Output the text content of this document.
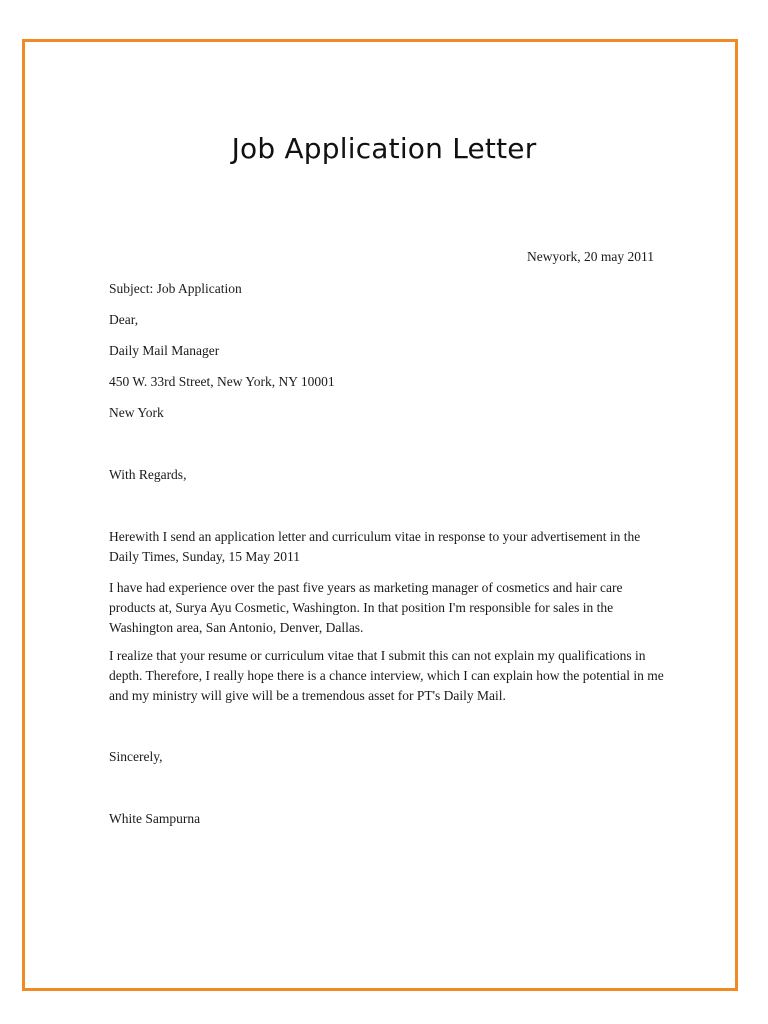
Job Application Letter
Newyork, 20 may 2011
Subject: Job Application
Dear,
Daily Mail Manager
450 W. 33rd Street, New York, NY 10001
New York
With Regards,
Herewith I send an application letter and curriculum vitae in response to your advertisement in the Daily Times, Sunday, 15 May 2011
I have had experience over the past five years as marketing manager of cosmetics and hair care products at, Surya Ayu Cosmetic, Washington. In that position I'm responsible for sales in the Washington area, San Antonio, Denver, Dallas.
I realize that your resume or curriculum vitae that I submit this can not explain my qualifications in depth. Therefore, I really hope there is a chance interview, which I can explain how the potential in me and my ministry will give will be a tremendous asset for PT's Daily Mail.
Sincerely,
White Sampurna
